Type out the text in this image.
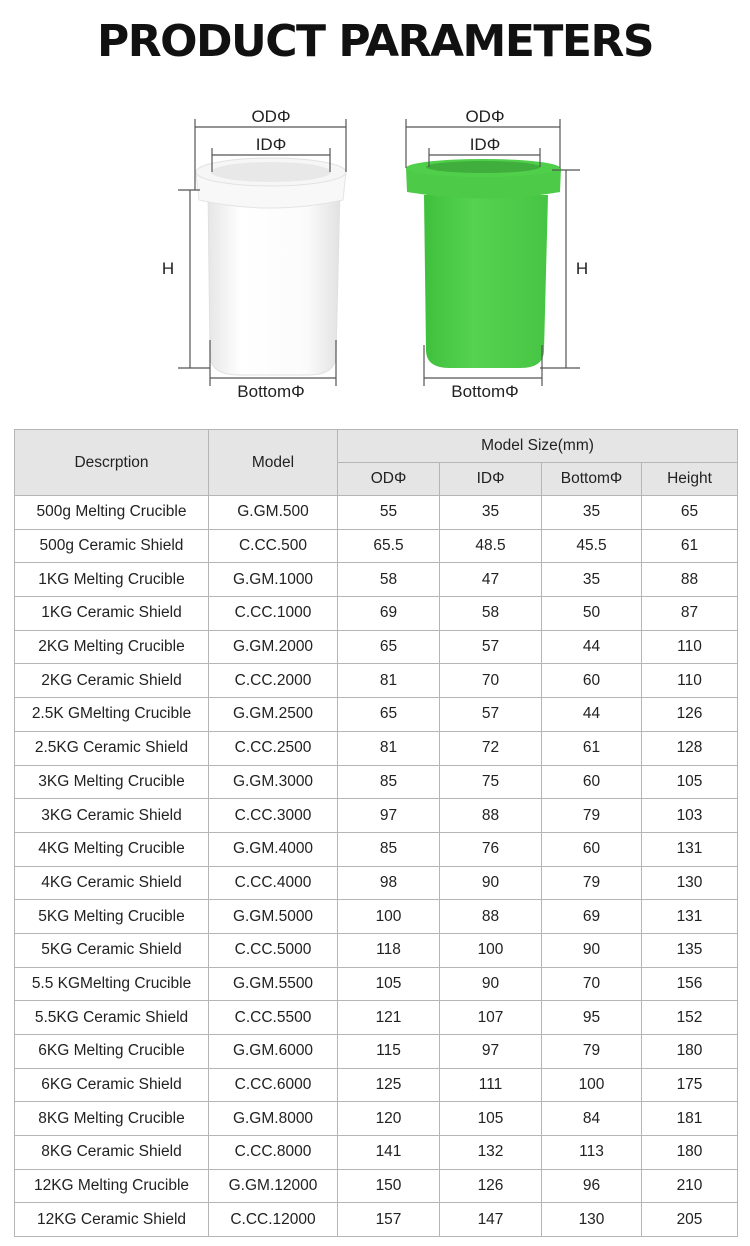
PRODUCT PARAMETERS
ODΦ
IDΦ
H
BottomΦ
ODΦ
IDΦ
H
BottomΦ
Descrption	Model	Model Size(mm)			
		ODΦ	IDΦ	BottomΦ	Height
500g Melting Crucible	G.GM.500	55	35	35	65
500g Ceramic Shield	C.CC.500	65.5	48.5	45.5	61
1KG Melting Crucible	G.GM.1000	58	47	35	88
1KG Ceramic Shield	C.CC.1000	69	58	50	87
2KG Melting Crucible	G.GM.2000	65	57	44	110
2KG Ceramic Shield	C.CC.2000	81	70	60	110
2.5K GMelting Crucible	G.GM.2500	65	57	44	126
2.5KG Ceramic Shield	C.CC.2500	81	72	61	128
3KG Melting Crucible	G.GM.3000	85	75	60	105
3KG Ceramic Shield	C.CC.3000	97	88	79	103
4KG Melting Crucible	G.GM.4000	85	76	60	131
4KG Ceramic Shield	C.CC.4000	98	90	79	130
5KG Melting Crucible	G.GM.5000	100	88	69	131
5KG Ceramic Shield	C.CC.5000	118	100	90	135
5.5 KGMelting Crucible	G.GM.5500	105	90	70	156
5.5KG Ceramic Shield	C.CC.5500	121	107	95	152
6KG Melting Crucible	G.GM.6000	115	97	79	180
6KG Ceramic Shield	C.CC.6000	125	111	100	175
8KG Melting Crucible	G.GM.8000	120	105	84	181
8KG Ceramic Shield	C.CC.8000	141	132	113	180
12KG Melting Crucible	G.GM.12000	150	126	96	210
12KG Ceramic Shield	C.CC.12000	157	147	130	205
